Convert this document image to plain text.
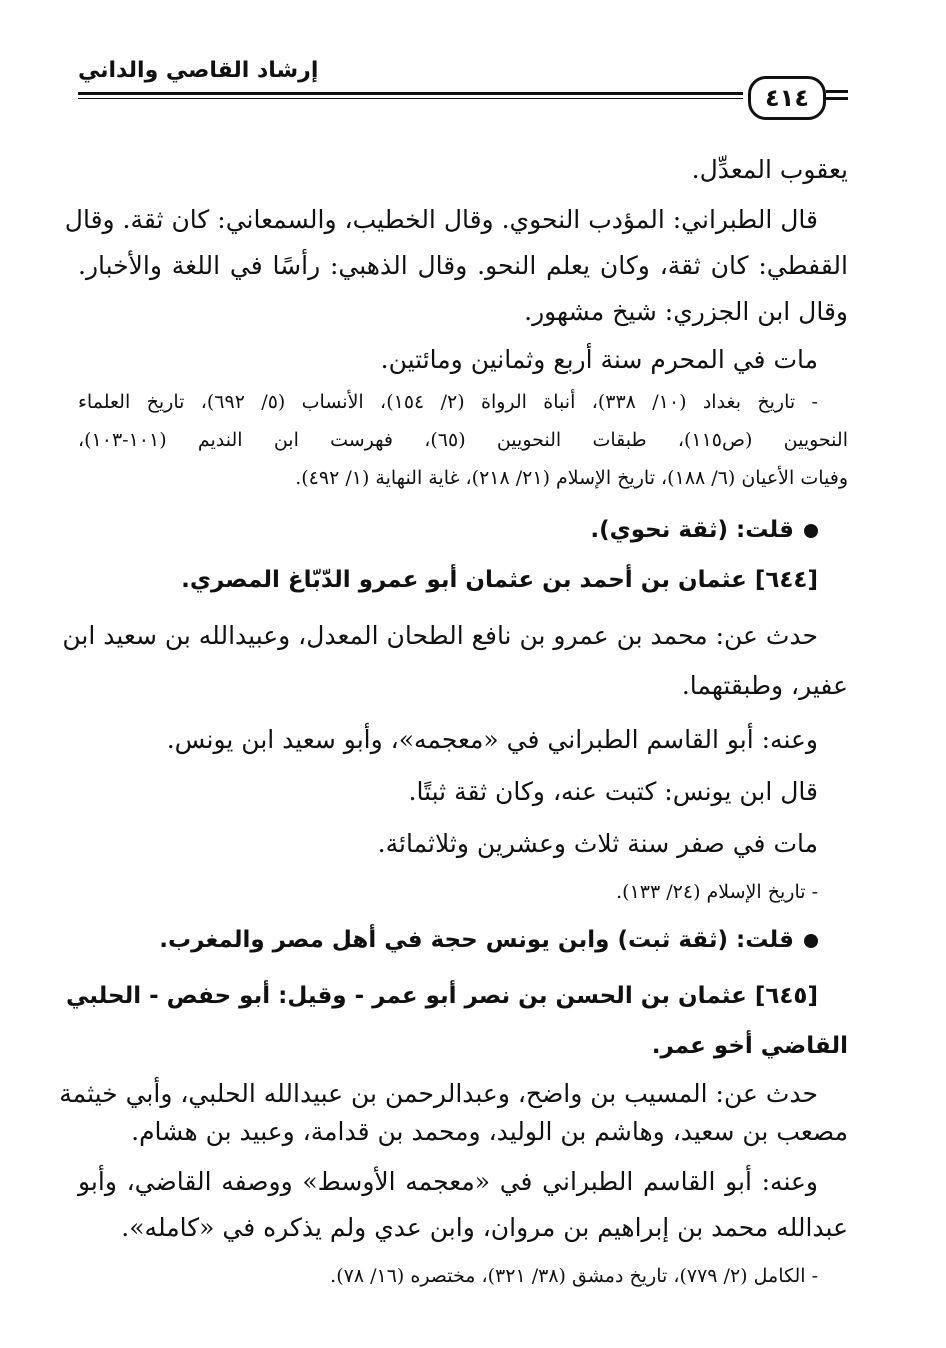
إرشاد القاصي والداني
٤١٤
يعقوب المعدِّل.
قال الطبراني: المؤدب النحوي. وقال الخطيب، والسمعاني: كان ثقة. وقال
القفطي: كان ثقة، وكان يعلم النحو. وقال الذهبي: رأسًا في اللغة والأخبار.
وقال ابن الجزري: شيخ مشهور.
مات في المحرم سنة أربع وثمانين ومائتين.
- تاريخ بغداد (١٠/ ٣٣٨)، أنباة الرواة (٢/ ١٥٤)، الأنساب (٥/ ٦٩٢)، تاريخ العلماء
النحويين (ص١١٥)، طبقات النحويين (٦٥)، فهرست ابن النديم (١٠١-١٠٣)،
وفيات الأعيان (٦/ ١٨٨)، تاريخ الإسلام (٢١/ ٢١٨)، غاية النهاية (١/ ٤٩٢).
قلت: (ثقة نحوي).
[٦٤٤] عثمان بن أحمد بن عثمان أبو عمرو الدّبّاغ المصري.
حدث عن: محمد بن عمرو بن نافع الطحان المعدل، وعبيدالله بن سعيد ابن
عفير، وطبقتهما.
وعنه: أبو القاسم الطبراني في «معجمه»، وأبو سعيد ابن يونس.
قال ابن يونس: كتبت عنه، وكان ثقة ثبتًا.
مات في صفر سنة ثلاث وعشرين وثلاثمائة.
- تاريخ الإسلام (٢٤/ ١٣٣).
قلت: (ثقة ثبت) وابن يونس حجة في أهل مصر والمغرب.
[٦٤٥] عثمان بن الحسن بن نصر أبو عمر - وقيل: أبو حفص - الحلبي
القاضي أخو عمر.
حدث عن: المسيب بن واضح، وعبدالرحمن بن عبيدالله الحلبي، وأبي خيثمة
مصعب بن سعيد، وهاشم بن الوليد، ومحمد بن قدامة، وعبيد بن هشام.
وعنه: أبو القاسم الطبراني في «معجمه الأوسط» ووصفه القاضي، وأبو
عبدالله محمد بن إبراهيم بن مروان، وابن عدي ولم يذكره في «كامله».
- الكامل (٢/ ٧٧٩)، تاريخ دمشق (٣٨/ ٣٢١)، مختصره (١٦/ ٧٨).
